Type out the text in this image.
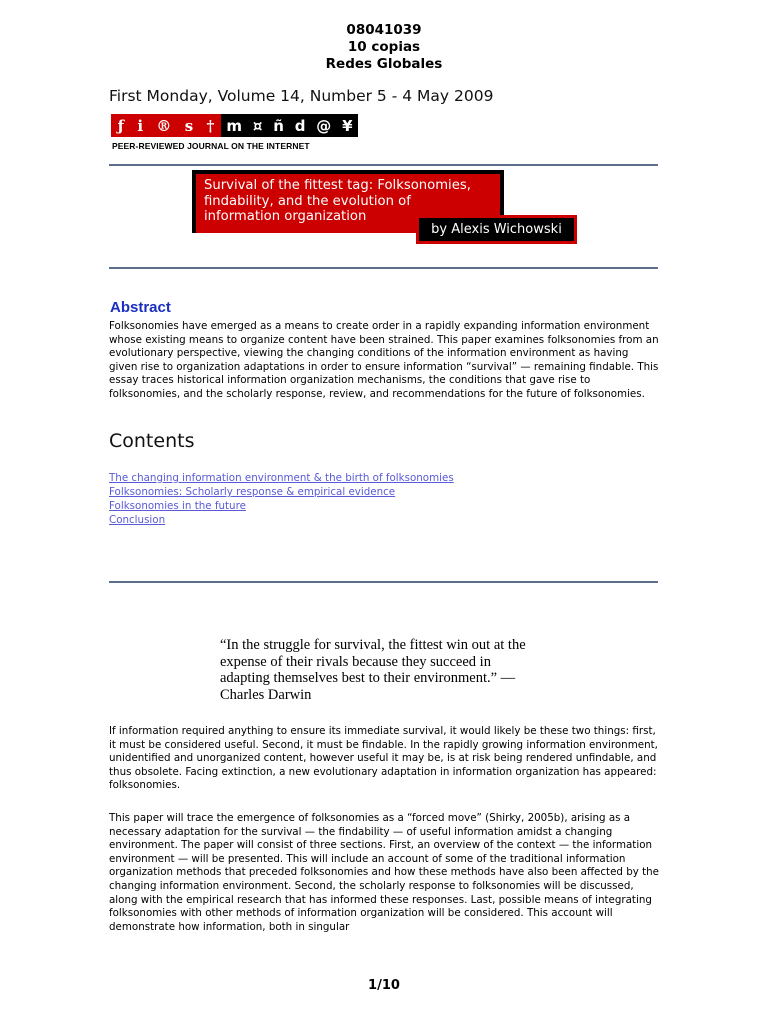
08041039
10 copias
Redes Globales
First Monday, Volume 14, Number 5 - 4 May 2009
ƒ i ® s † m ¤ ñ d @ ¥
PEER-REVIEWED JOURNAL ON THE INTERNET
Survival of the fittest tag: Folksonomies,
findability, and the evolution of
information organization
by Alexis Wichowski
Abstract
Folksonomies have emerged as a means to create order in a rapidly expanding information environment whose existing means to organize content have been strained. This paper examines folksonomies from an evolutionary perspective, viewing the changing conditions of the information environment as having given rise to organization adaptations in order to ensure information “survival” — remaining findable. This essay traces historical information organization mechanisms, the conditions that gave rise to folksonomies, and the scholarly response, review, and recommendations for the future of folksonomies.
Contents
The changing information environment & the birth of folksonomies
Folksonomies: Scholarly response & empirical evidence
Folksonomies in the future
Conclusion
“In the struggle for survival, the fittest win out at the
expense of their rivals because they succeed in
adapting themselves best to their environment.” —
Charles Darwin
If information required anything to ensure its immediate survival, it would likely be these two things: first, it must be considered useful. Second, it must be findable. In the rapidly growing information environment, unidentified and unorganized content, however useful it may be, is at risk being rendered unfindable, and thus obsolete. Facing extinction, a new evolutionary adaptation in information organization has appeared: folksonomies.
This paper will trace the emergence of folksonomies as a “forced move” (Shirky, 2005b), arising as a necessary adaptation for the survival — the findability — of useful information amidst a changing environment. The paper will consist of three sections. First, an overview of the context — the information environment — will be presented. This will include an account of some of the traditional information organization methods that preceded folksonomies and how these methods have also been affected by the changing information environment. Second, the scholarly response to folksonomies will be discussed, along with the empirical research that has informed these responses. Last, possible means of integrating folksonomies with other methods of information organization will be considered. This account will demonstrate how information, both in singular
1/10
